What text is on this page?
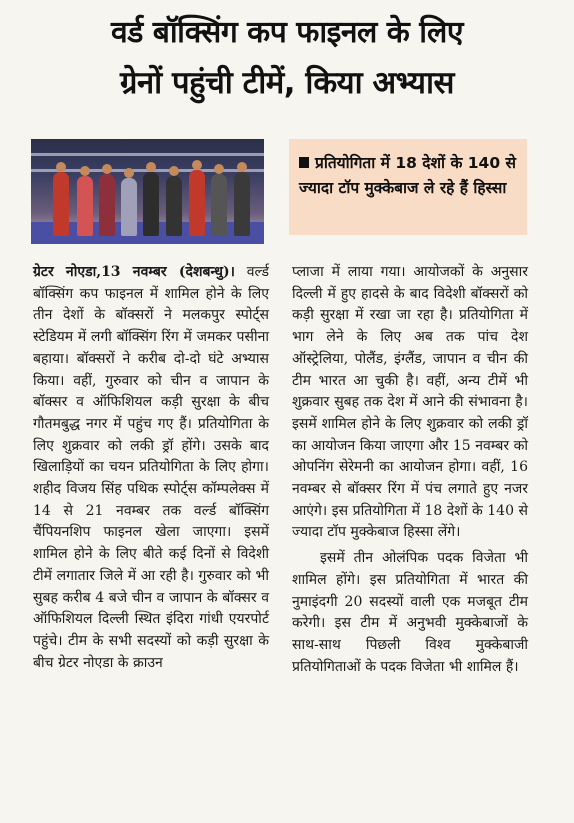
वर्ड बॉक्सिंग कप फाइनल के लिए
ग्रेनों पहुंची टीमें, किया अभ्यास
प्रतियोगिता में 18 देशों के 140 से ज्यादा टॉप मुक्केबाज ले रहे हैं हिस्सा

ग्रेटर नोएडा,13 नवम्बर (देशबन्धु)। वर्ल्ड बॉक्सिंग कप फाइनल में शामिल होने के लिए तीन देशों के बॉक्सरों ने मलकपुर स्पोर्ट्स स्टेडियम में लगी बॉक्सिंग रिंग में जमकर पसीना बहाया। बॉक्सरों ने करीब दो-दो घंटे अभ्यास किया। वहीं, गुरुवार को चीन व जापान के बॉक्सर व ऑफिशियल कड़ी सुरक्षा के बीच गौतमबुद्ध नगर में पहुंच गए हैं। प्रतियोगिता के लिए शुक्रवार को लकी ड्रॉ होंगे। उसके बाद खिलाड़ियों का चयन प्रतियोगिता के लिए होगा। शहीद विजय सिंह पथिक स्पोर्ट्स कॉम्पलेक्स में 14 से 21 नवम्बर तक वर्ल्ड बॉक्सिंग चैंपियनशिप फाइनल खेला जाएगा। इसमें शामिल होने के लिए बीते कई दिनों से विदेशी टीमें लगातार जिले में आ रही है। गुरुवार को भी सुबह करीब 4 बजे चीन व जापान के बॉक्सर व ऑफिशियल दिल्ली स्थित इंदिरा गांधी एयरपोर्ट पहुंचे। टीम के सभी सदस्यों को कड़ी सुरक्षा के बीच ग्रेटर नोएडा के क्राउन

प्लाजा में लाया गया। आयोजकों के अनुसार दिल्ली में हुए हादसे के बाद विदेशी बॉक्सरों को कड़ी सुरक्षा में रखा जा रहा है। प्रतियोगिता में भाग लेने के लिए अब तक पांच देश ऑस्ट्रेलिया, पोलैंड, इंग्लैंड, जापान व चीन की टीम भारत आ चुकी है। वहीं, अन्य टीमें भी शुक्रवार सुबह तक देश में आने की संभावना है। इसमें शामिल होने के लिए शुक्रवार को लकी ड्रॉ का आयोजन किया जाएगा और 15 नवम्बर को ओपनिंग सेरेमनी का आयोजन होगा। वहीं, 16 नवम्बर से बॉक्सर रिंग में पंच लगाते हुए नजर आएंगे। इस प्रतियोगिता में 18 देशों के 140 से ज्यादा टॉप मुक्केबाज हिस्सा लेंगे।

इसमें तीन ओलंपिक पदक विजेता भी शामिल होंगे। इस प्रतियोगिता में भारत की नुमाइंदगी 20 सदस्यों वाली एक मजबूत टीम करेगी। इस टीम में अनुभवी मुक्केबाजों के साथ-साथ पिछली विश्व मुक्केबाजी प्रतियोगिताओं के पदक विजेता भी शामिल हैं।
